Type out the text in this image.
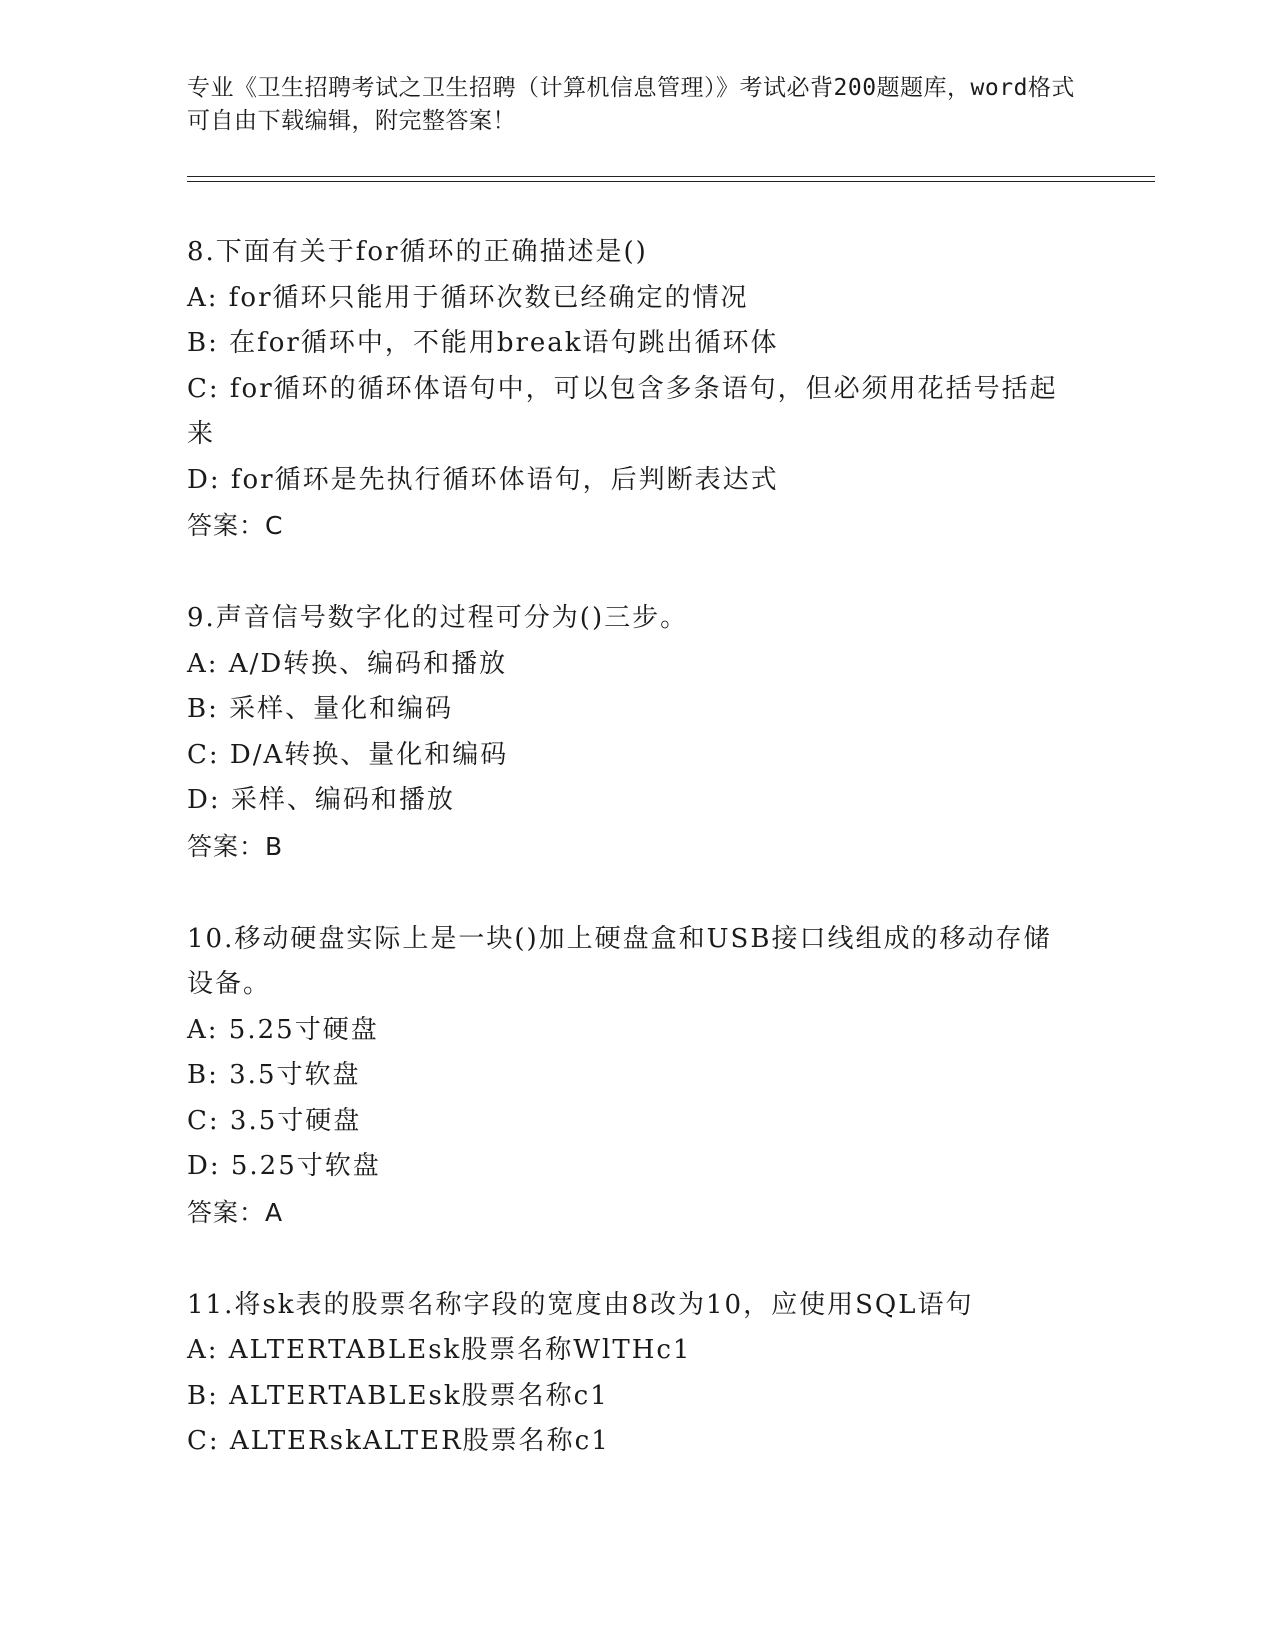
专业《卫生招聘考试之卫生招聘（计算机信息管理）》考试必背200题题库，word格式可自由下载编辑，附完整答案！

8.下面有关于for循环的正确描述是()

A: for循环只能用于循环次数已经确定的情况

B: 在for循环中，不能用break语句跳出循环体

C: for循环的循环体语句中，可以包含多条语句，但必须用花括号括起来

D: for循环是先执行循环体语句，后判断表达式

答案：C

9.声音信号数字化的过程可分为()三步。

A: A/D转换、编码和播放

B: 采样、量化和编码

C: D/A转换、量化和编码

D: 采样、编码和播放

答案：B

10.移动硬盘实际上是一块()加上硬盘盒和USB接口线组成的移动存储设备。

A: 5.25寸硬盘

B: 3.5寸软盘

C: 3.5寸硬盘

D: 5.25寸软盘

答案：A

11.将sk表的股票名称字段的宽度由8改为10，应使用SQL语句

A: ALTERTABLEsk股票名称WlTHc1

B: ALTERTABLEsk股票名称c1

C: ALTERskALTER股票名称c1
